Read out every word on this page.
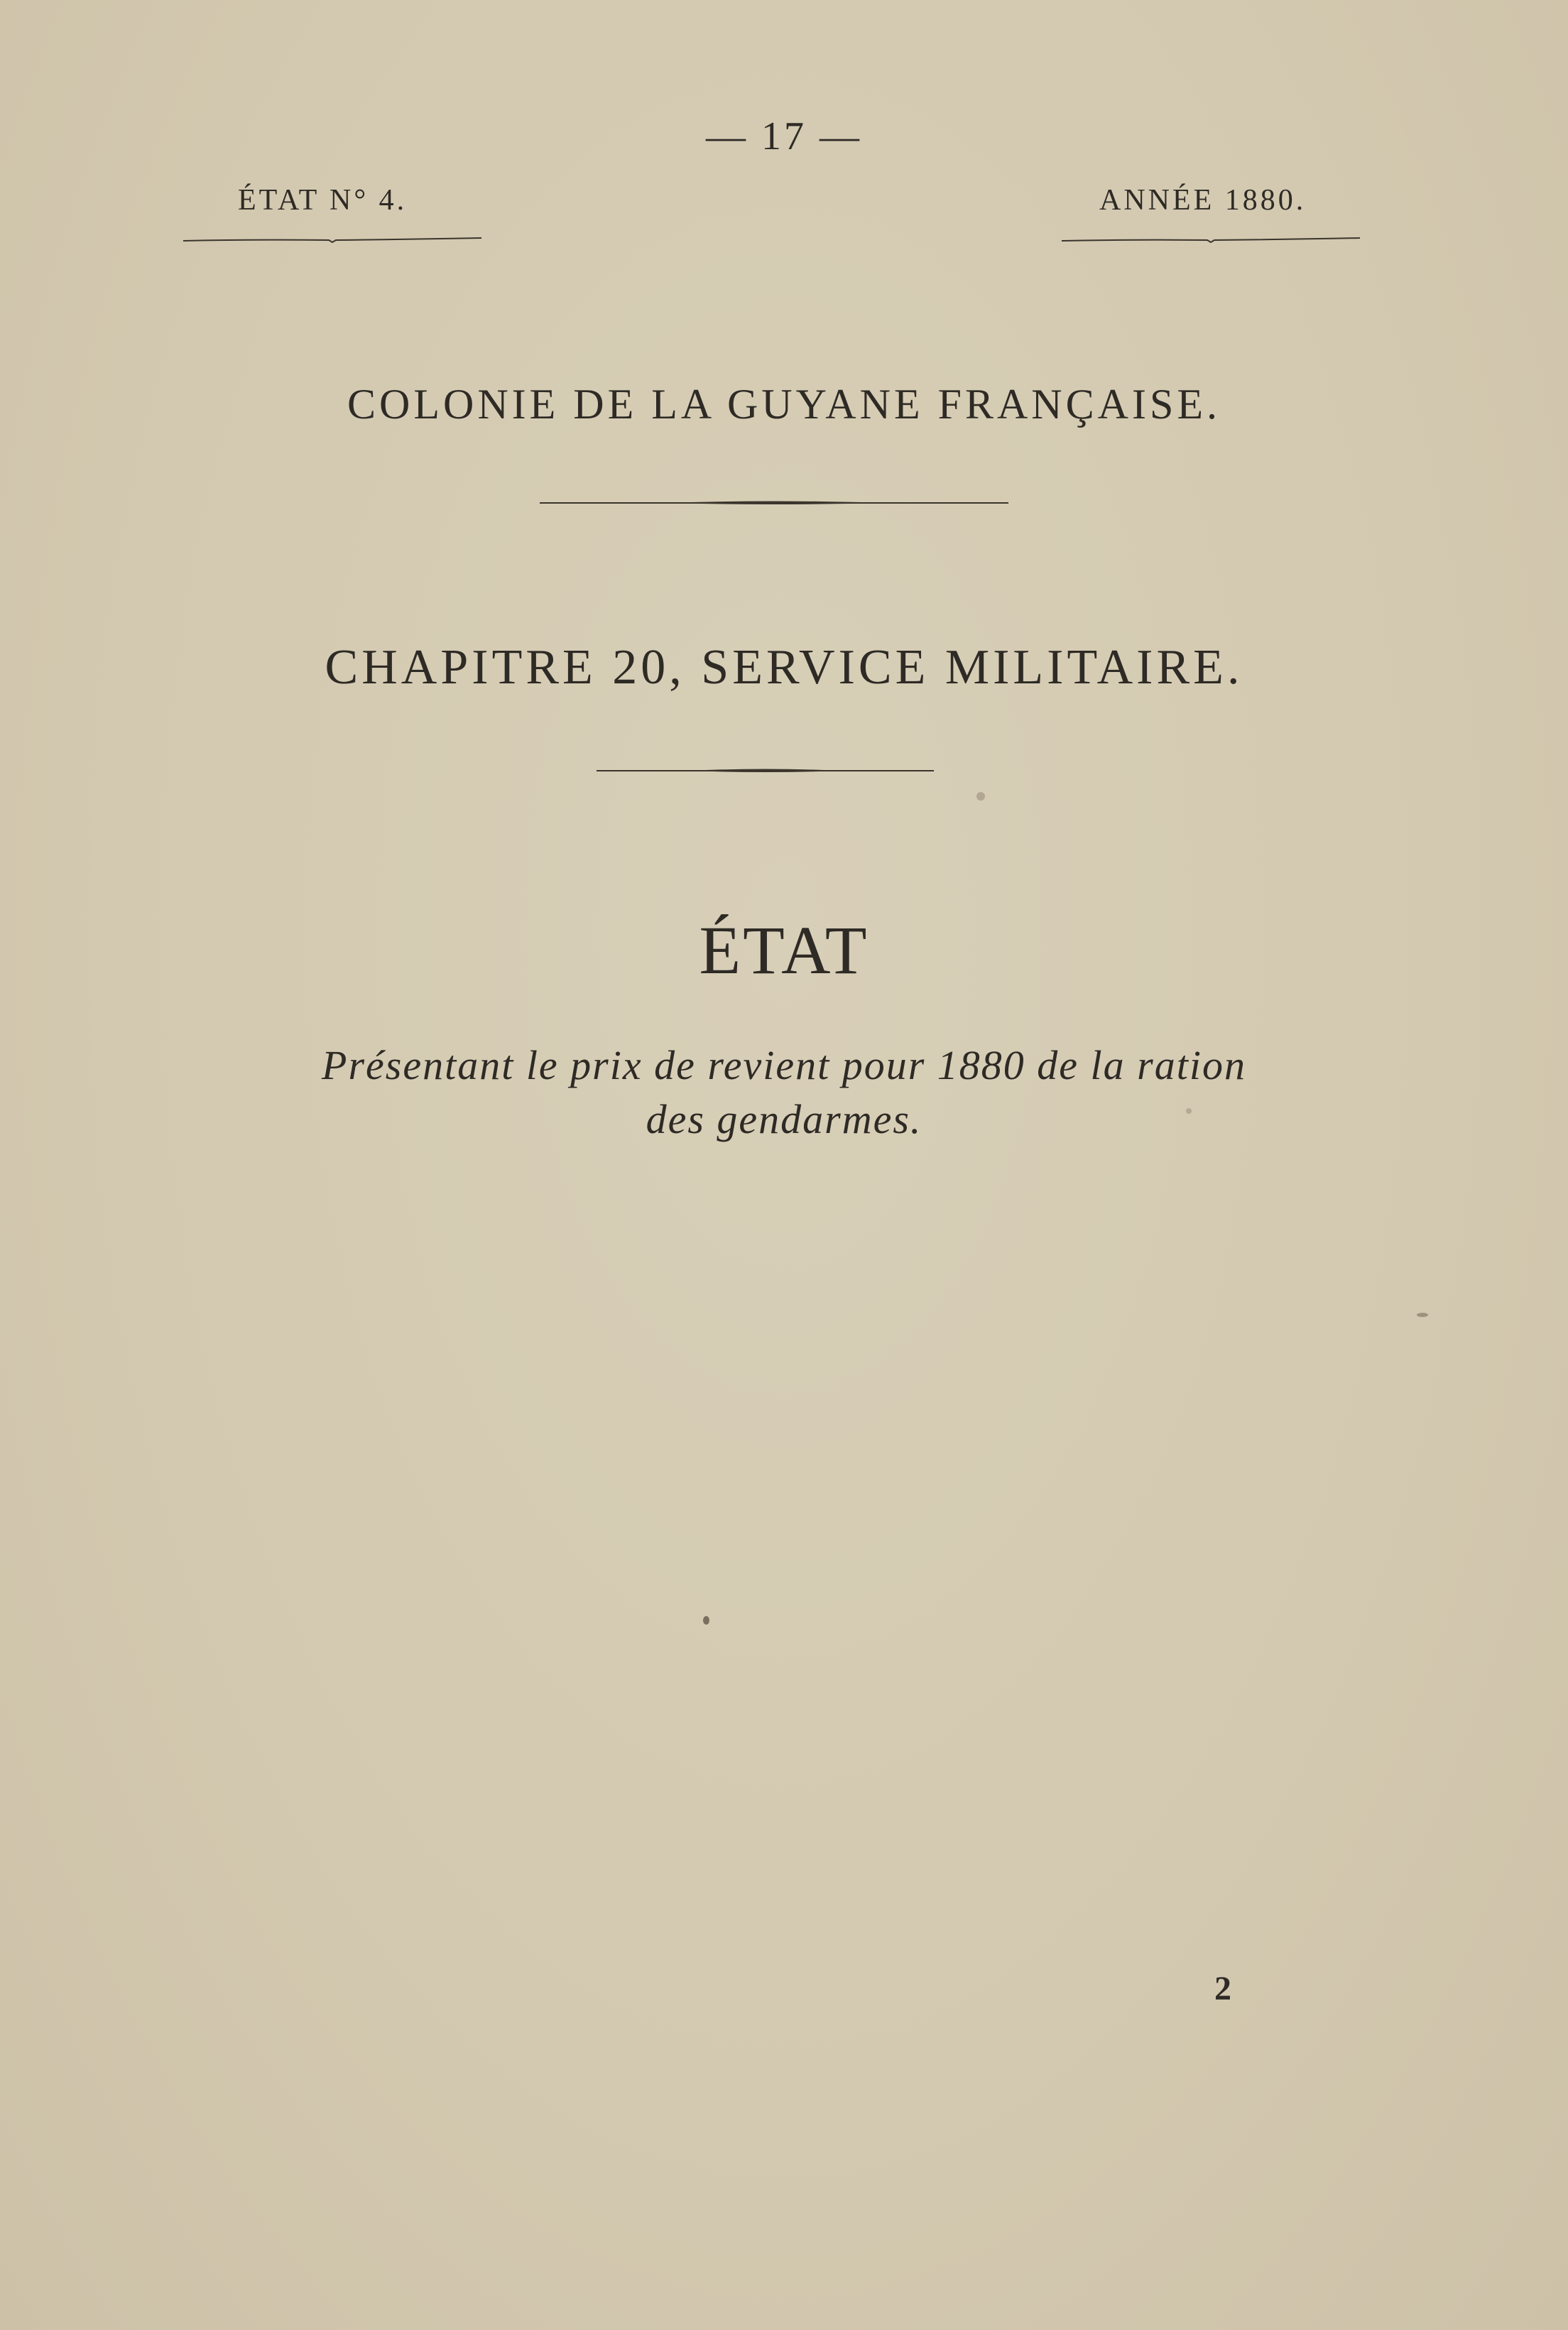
— 17 —
ÉTAT N° 4.	ANNÉE 1880.
COLONIE DE LA GUYANE FRANÇAISE.
CHAPITRE 20, SERVICE MILITAIRE.
ÉTAT
Présentant le prix de revient pour 1880 de la ration
des gendarmes.
2
